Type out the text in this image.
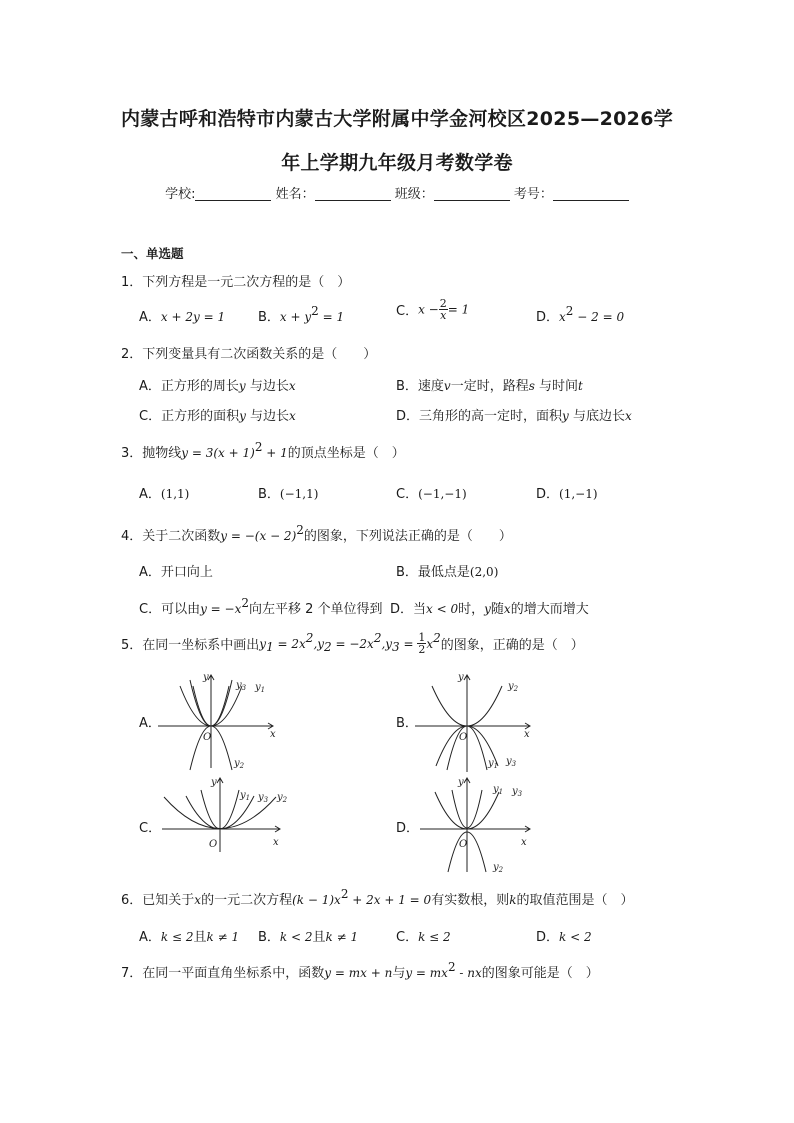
内蒙古呼和浩特市内蒙古大学附属中学金河校区2025—2026学
年上学期九年级月考数学卷
学校:	姓名：	班级：	考号：
一、单选题
1．下列方程是一元二次方程的是（　）
A．x + 2y = 1	B．$x + y^2 = 1$	C．$x - \frac{2}{x} = 1$
D．$x^2 - 2 = 0$
2．下列变量具有二次函数关系的是（　　）
A．正方形的周长y 与边长x	B．速度v一定时，路程s 与时间t
C．正方形的面积y 与边长x	D．三角形的高一定时，面积y 与底边长x
3．抛物线$y = 3(x + 1)^2 + 1$的顶点坐标是（　）
A．(1,1)	B．(−1,1)	C．(−1,−1)	D．(1,−1)
4．关于二次函数$y = -(x - 2)^2$的图象，下列说法正确的是（　　）
A．开口向上	B．最低点是(2,0)
C．可以由$y = -x^2$向左平移 2 个单位得到 D．当x < 0时，y随x的增大而增大
5．在同一坐标系中画出$y_1 = 2x^2,y_2 = -2x^2,y_3 = \frac{1}{2} x^2$的图象，正确的是（　）
A．	B．
C．	D．
x
y
O
$y_1$
$y_3$
$y_2$
x
y
O
$y_2$
$y_1$ $y_3$
x
y
O
$y_1$ $y_3$ $y_2$
x
y
O
$y_1$ $y_3$
$y_2$
6．已知关于x的一元二次方程$(k - 1)x^2 + 2x + 1 = 0$有实数根，则k的取值范围是（　）
A．k ≤ 2且k ≠ 1 B．k < 2且k ≠ 1	C．k ≤ 2	D．k < 2
7．在同一平面直角坐标系中，函数y = mx + n与$y = mx^2$ - nx的图象可能是（　）
